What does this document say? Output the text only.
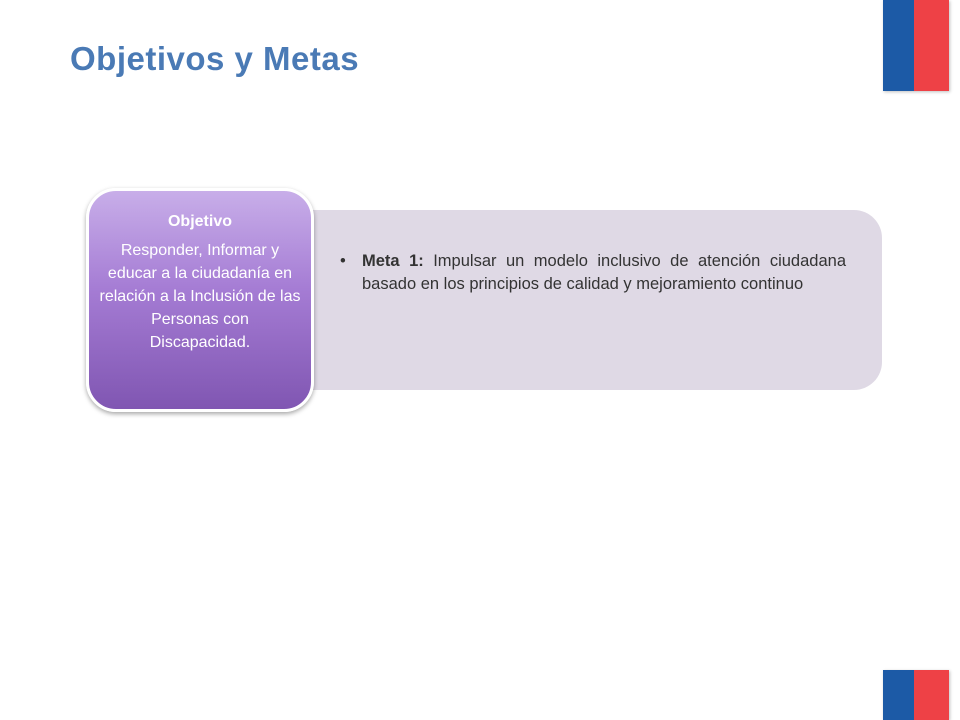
Objetivos y Metas
• Meta 1: Impulsar un modelo inclusivo de atención ciudadana basado en los principios de calidad y mejoramiento continuo
Objetivo
Responder, Informar y educar a la ciudadanía en relación a la Inclusión de las Personas con Discapacidad.
